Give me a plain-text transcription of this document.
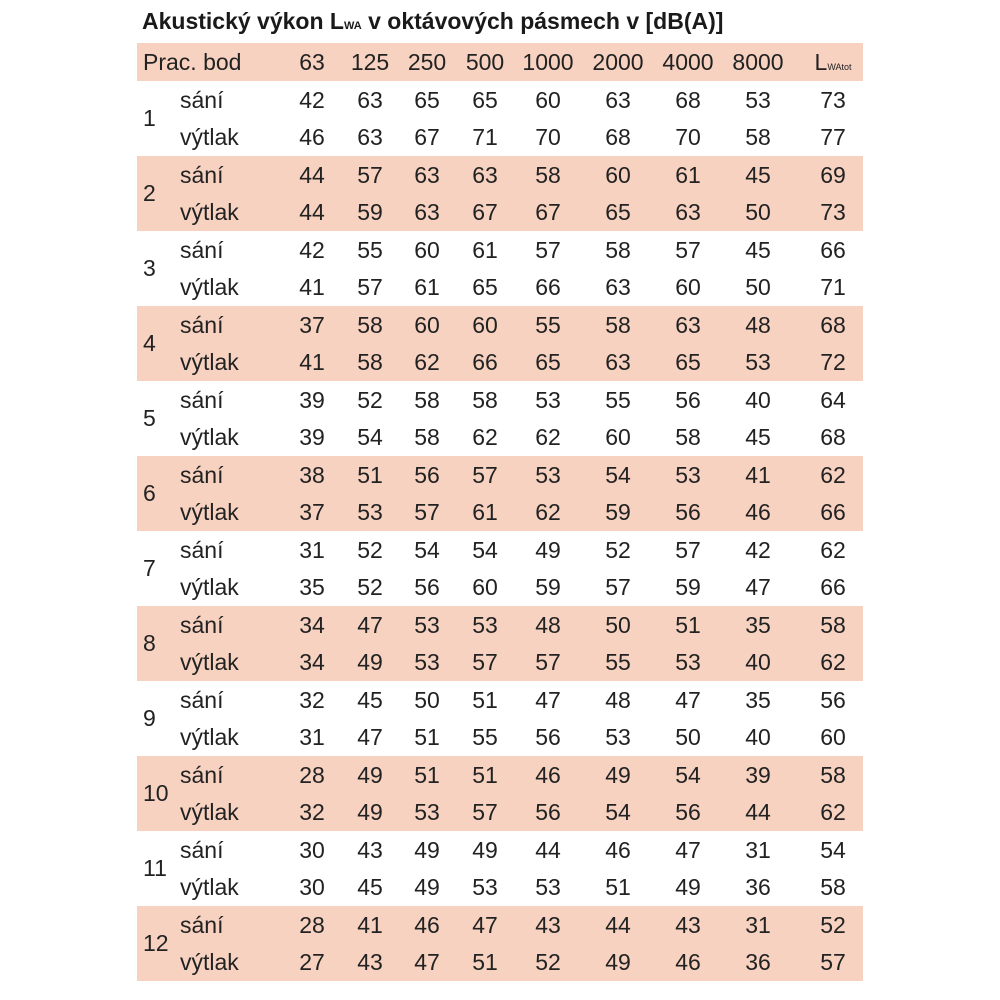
Akustický výkon LWA v oktávových pásmech v [dB(A)]
Prac. bod	63 125 250 500 1000 2000 4000 8000 LWAtot
1
sání	42 63 65 65 60 63 68 53 73
výtlak	46 63 67 71 70 68 70 58 77
2
sání	44 57 63 63 58 60 61 45 69
výtlak	44 59 63 67 67 65 63 50 73
3
sání	42 55 60 61 57 58 57 45 66
výtlak	41 57 61 65 66 63 60 50 71
4
sání	37 58 60 60 55 58 63 48 68
výtlak	41 58 62 66 65 63 65 53 72
5
sání	39 52 58 58 53 55 56 40 64
výtlak	39 54 58 62 62 60 58 45 68
6
sání	38 51 56 57 53 54 53 41 62
výtlak	37 53 57 61 62 59 56 46 66
7
sání	31 52 54 54 49 52 57 42 62
výtlak	35 52 56 60 59 57 59 47 66
8
sání	34 47 53 53 48 50 51 35 58
výtlak	34 49 53 57 57 55 53 40 62
9
sání	32 45 50 51 47 48 47 35 56
výtlak	31 47 51 55 56 53 50 40 60
10
sání	28 49 51 51 46 49 54 39 58
výtlak	32 49 53 57 56 54 56 44 62
11
sání	30 43 49 49 44 46 47 31 54
výtlak	30 45 49 53 53 51 49 36 58
12
sání	28 41 46 47 43 44 43 31 52
výtlak	27 43 47 51 52 49 46 36 57
